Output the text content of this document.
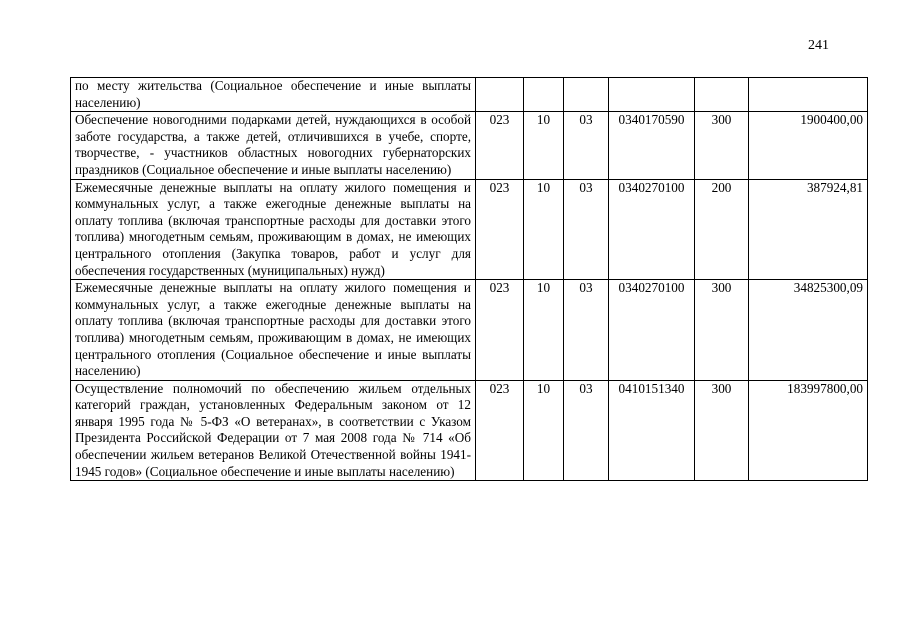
241
по месту жительства (Социальное обеспечение и иные выплаты населению)						
Обеспечение новогодними подарками детей, нуждающихся в особой заботе государства, а также детей, отличившихся в учебе, спорте, творчестве, - участников областных новогодних губернаторских праздников (Социальное обеспечение и иные выплаты населению)	023	10	03	0340170590	300	1900400,00
Ежемесячные денежные выплаты на оплату жилого помещения и коммунальных услуг, а также ежегодные денежные выплаты на оплату топлива (включая транспортные расходы для доставки этого топлива) многодетным семьям, проживающим в домах, не имеющих центрального отопления (Закупка товаров, работ и услуг для обеспечения государственных (муниципальных) нужд)	023	10	03	0340270100	200	387924,81
Ежемесячные денежные выплаты на оплату жилого помещения и коммунальных услуг, а также ежегодные денежные выплаты на оплату топлива (включая транспортные расходы для доставки этого топлива) многодетным семьям, проживающим в домах, не имеющих центрального отопления (Социальное обеспечение и иные выплаты населению)	023	10	03	0340270100	300	34825300,09
Осуществление полномочий по обеспечению жильем отдельных категорий граждан, установленных Федеральным законом от 12 января 1995 года № 5-ФЗ «О ветеранах», в соответствии с Указом Президента Российской Федерации от 7 мая 2008 года № 714 «Об обеспечении жильем ветеранов Великой Отечественной войны 1941-1945 годов» (Социальное обеспечение и иные выплаты населению)	023	10	03	0410151340	300	183997800,00
